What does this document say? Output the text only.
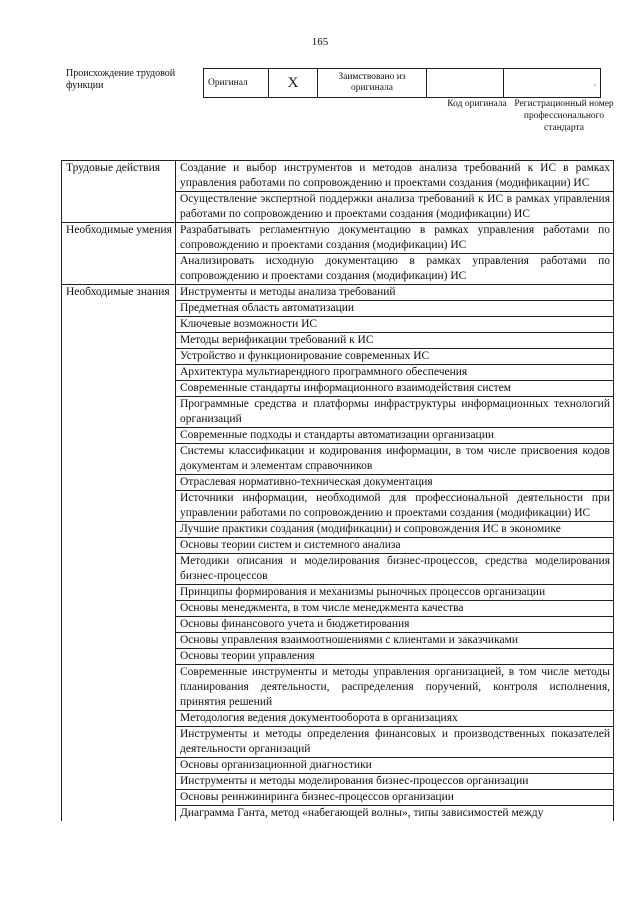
165
Происхождение трудовой функции	Оригинал	X	Заимствовано из оригинала		,
Код оригинала Регистрационный номер профессионального стандарта
Трудовые действия	Создание и выбор инструментов и методов анализа требований к ИС в рамках управления работами по сопровождению и проектами создания (модификации) ИС
	Осуществление экспертной поддержки анализа требований к ИС в рамках управления работами по сопровождению и проектами создания (модификации) ИС
Необходимые умения	Разрабатывать регламентную документацию в рамках управления работами по сопровождению и проектами создания (модификации) ИС
	Анализировать исходную документацию в рамках управления работами по сопровождению и проектами создания (модификации) ИС
Необходимые знания	Инструменты и методы анализа требований
	Предметная область автоматизации
	Ключевые возможности ИС
	Методы верификации требований к ИС
	Устройство и функционирование современных ИС
	Архитектура мультиарендного программного обеспечения
	Современные стандарты информационного взаимодействия систем
	Программные средства и платформы инфраструктуры информационных технологий организаций
	Современные подходы и стандарты автоматизации организации
	Системы классификации и кодирования информации, в том числе присвоения кодов документам и элементам справочников
	Отраслевая нормативно-техническая документация
	Источники информации, необходимой для профессиональной деятельности при управлении работами по сопровождению и проектами создания (модификации) ИС
	Лучшие практики создания (модификации) и сопровождения ИС в экономике
	Основы теории систем и системного анализа
	Методики описания и моделирования бизнес-процессов, средства моделирования бизнес-процессов
	Принципы формирования и механизмы рыночных процессов организации
	Основы менеджмента, в том числе менеджмента качества
	Основы финансового учета и бюджетирования
	Основы управления взаимоотношениями с клиентами и заказчиками
	Основы теории управления
	Современные инструменты и методы управления организацией, в том числе методы планирования деятельности, распределения поручений, контроля исполнения, принятия решений
	Методология ведения документооборота в организациях
	Инструменты и методы определения финансовых и производственных показателей деятельности организаций
	Основы организационной диагностики
	Инструменты и методы моделирования бизнес-процессов организации
	Основы реинжиниринга бизнес-процессов организации
	Диаграмма Ганта, метод «набегающей волны», типы зависимостей между
